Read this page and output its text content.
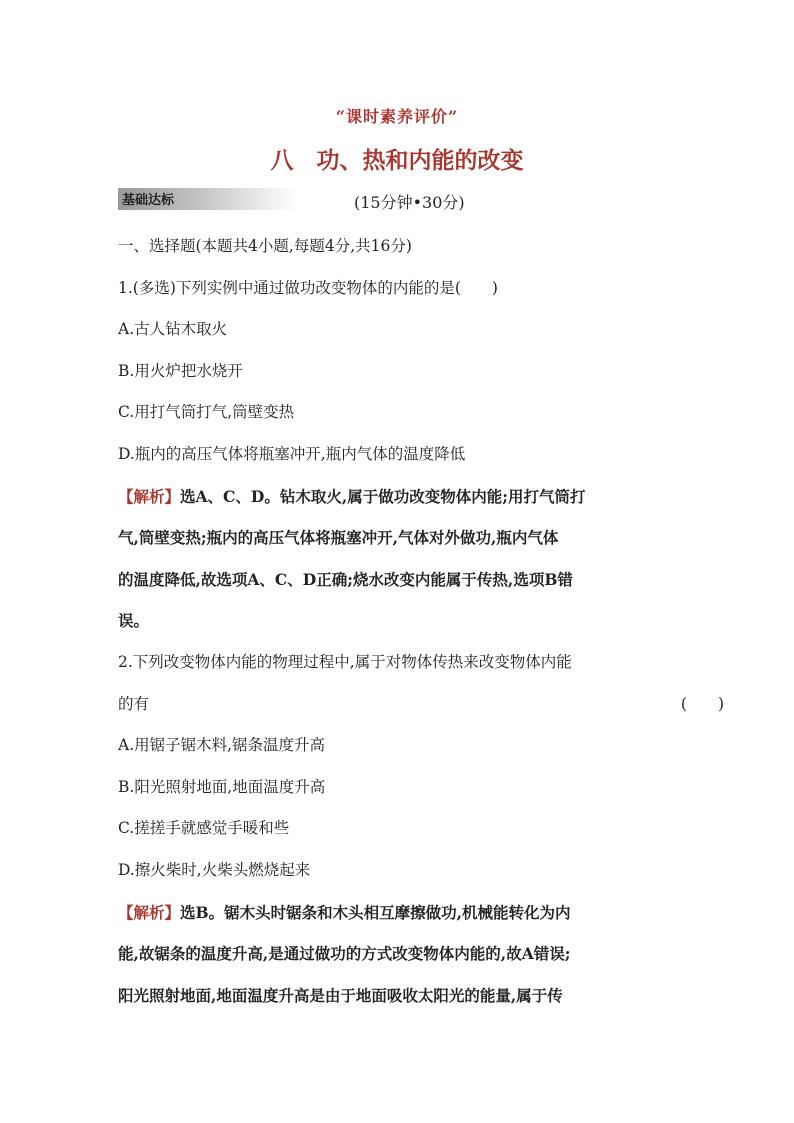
“课时素养评价”
八　功、热和内能的改变
基础达标	(15分钟•30分)

一、选择题(本题共4小题,每题4分,共16分)

1.(多选)下列实例中通过做功改变物体的内能的是(　　)

A.古人钻木取火

B.用火炉把水烧开

C.用打气筒打气,筒壁变热

D.瓶内的高压气体将瓶塞冲开,瓶内气体的温度降低

【解析】选A、C、D。钻木取火,属于做功改变物体内能;用打气筒打

气,筒壁变热;瓶内的高压气体将瓶塞冲开,气体对外做功,瓶内气体

的温度降低,故选项A、C、D正确;烧水改变内能属于传热,选项B错

误。

2.下列改变物体内能的物理过程中,属于对物体传热来改变物体内能

的有	(　　)

A.用锯子锯木料,锯条温度升高

B.阳光照射地面,地面温度升高

C.搓搓手就感觉手暖和些

D.擦火柴时,火柴头燃烧起来

【解析】选B。锯木头时锯条和木头相互摩擦做功,机械能转化为内

能,故锯条的温度升高,是通过做功的方式改变物体内能的,故A错误;

阳光照射地面,地面温度升高是由于地面吸收太阳光的能量,属于传
